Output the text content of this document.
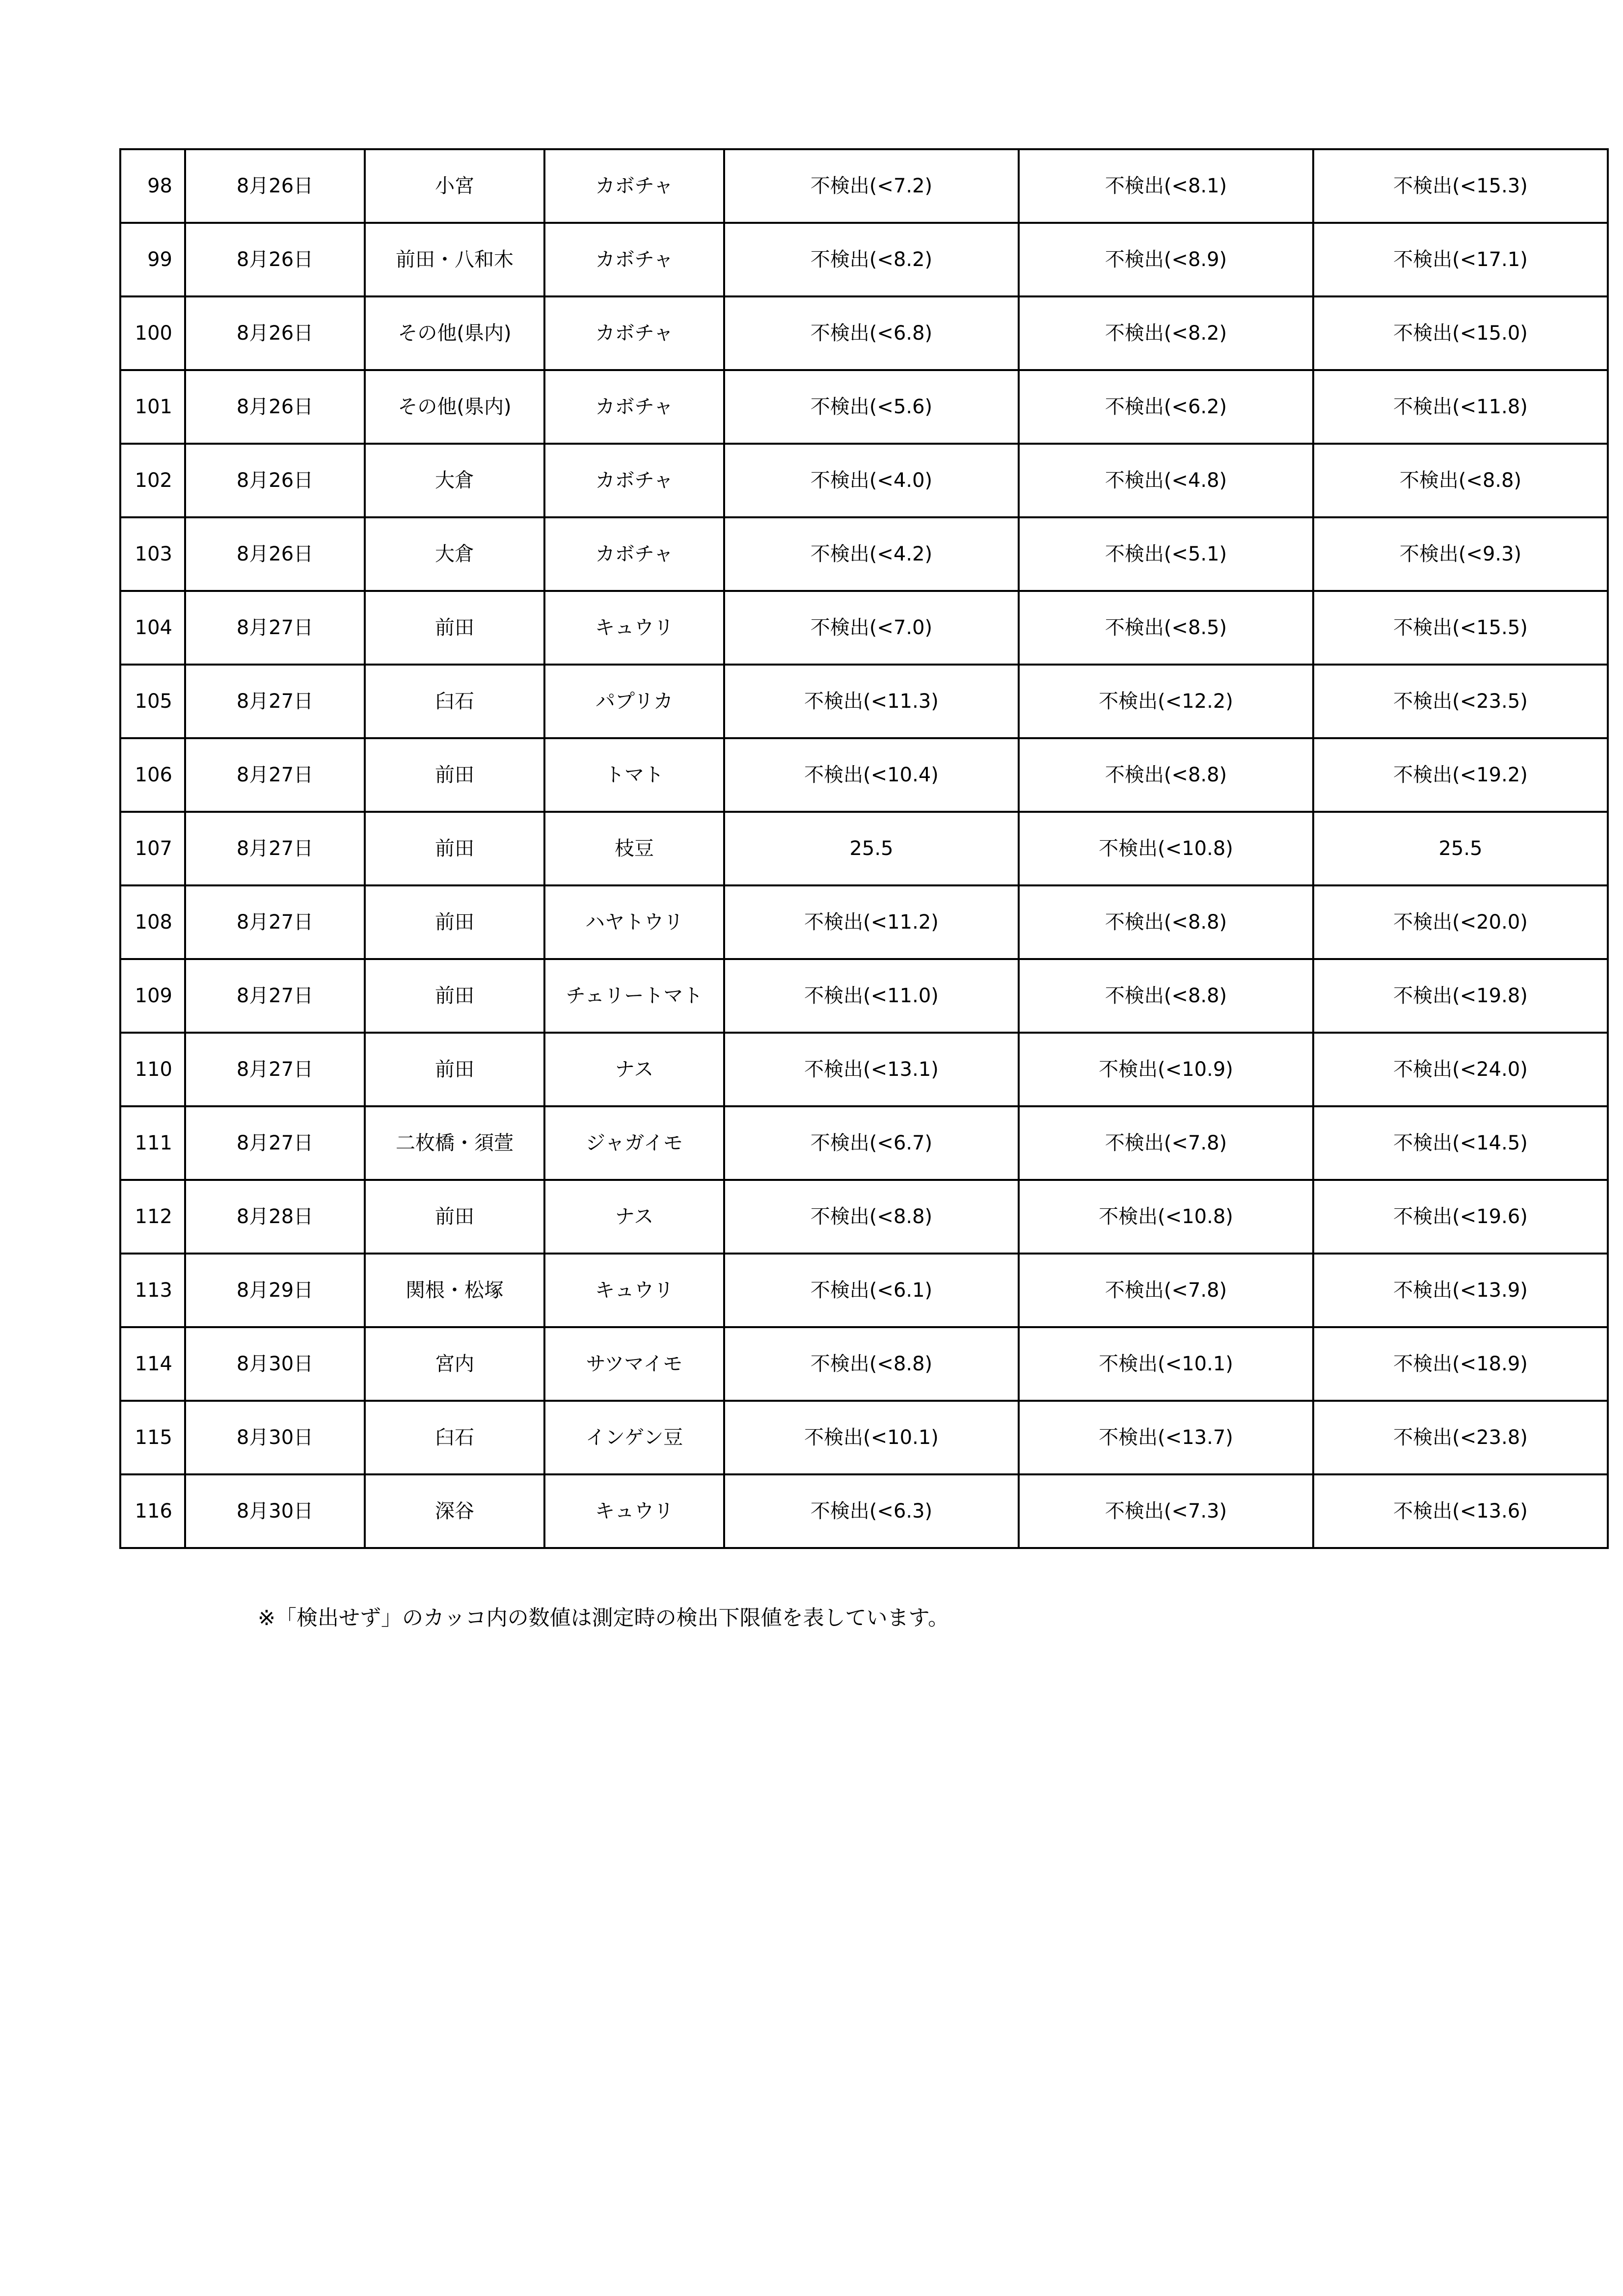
98	8月26日	小宮	カボチャ	不検出(<7.2)	不検出(<8.1)	不検出(<15.3)
99	8月26日	前田・八和木	カボチャ	不検出(<8.2)	不検出(<8.9)	不検出(<17.1)
100	8月26日	その他(県内)	カボチャ	不検出(<6.8)	不検出(<8.2)	不検出(<15.0)
101	8月26日	その他(県内)	カボチャ	不検出(<5.6)	不検出(<6.2)	不検出(<11.8)
102	8月26日	大倉	カボチャ	不検出(<4.0)	不検出(<4.8)	不検出(<8.8)
103	8月26日	大倉	カボチャ	不検出(<4.2)	不検出(<5.1)	不検出(<9.3)
104	8月27日	前田	キュウリ	不検出(<7.0)	不検出(<8.5)	不検出(<15.5)
105	8月27日	臼石	パプリカ	不検出(<11.3)	不検出(<12.2)	不検出(<23.5)
106	8月27日	前田	トマト	不検出(<10.4)	不検出(<8.8)	不検出(<19.2)
107	8月27日	前田	枝豆	25.5	不検出(<10.8)	25.5
108	8月27日	前田	ハヤトウリ	不検出(<11.2)	不検出(<8.8)	不検出(<20.0)
109	8月27日	前田	チェリートマト	不検出(<11.0)	不検出(<8.8)	不検出(<19.8)
110	8月27日	前田	ナス	不検出(<13.1)	不検出(<10.9)	不検出(<24.0)
111	8月27日	二枚橋・須萱	ジャガイモ	不検出(<6.7)	不検出(<7.8)	不検出(<14.5)
112	8月28日	前田	ナス	不検出(<8.8)	不検出(<10.8)	不検出(<19.6)
113	8月29日	関根・松塚	キュウリ	不検出(<6.1)	不検出(<7.8)	不検出(<13.9)
114	8月30日	宮内	サツマイモ	不検出(<8.8)	不検出(<10.1)	不検出(<18.9)
115	8月30日	臼石	インゲン豆	不検出(<10.1)	不検出(<13.7)	不検出(<23.8)
116	8月30日	深谷	キュウリ	不検出(<6.3)	不検出(<7.3)	不検出(<13.6)
※「検出せず」のカッコ内の数値は測定時の検出下限値を表しています。
